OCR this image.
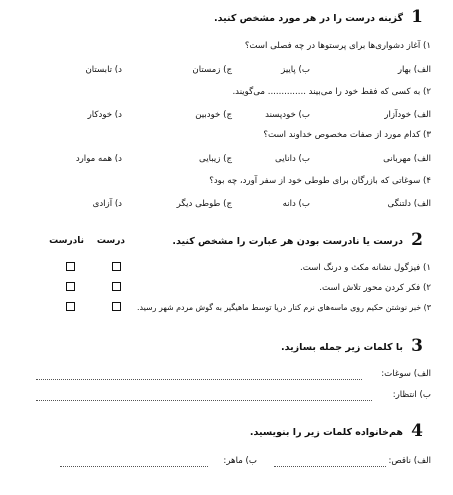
1
گزینه درست را در هر مورد مشخص کنید.
۱) آغاز دشواری‌ها برای پرستوها در چه فصلی است؟
الف) بهار
ب) پاییز
ج) زمستان
د) تابستان
۲) به کسی که فقط خود را می‌بیند .............. می‌گویند.
الف) خودآزار
ب) خودپسند
ج) خودبین
د) خودکار
۳) کدام مورد از صفات مخصوص خداوند است؟
الف) مهربانی
ب) دانایی
ج) زیبایی
د) همه موارد
۴) سوغاتی که بازرگان برای طوطی خود از سفر آورد، چه بود؟
الف) دلتنگی
ب) دانه
ج) طوطی دیگر
د) آزادی
2
درست یا نادرست بودن هر عبارت را مشخص کنید.
درست
نادرست
۱) فیزگول نشانه مکث و درنگ است.
۲) فکر کردن محور تلاش است.
۳) خبر نوشتن حکیم روی ماسه‌های نرم کنار دریا توسط ماهیگیر به گوش مردم شهر رسید.
3
با کلمات زیر جمله بسازید.
الف) سوغات:
ب) انتظار:
4
هم‌خانواده کلمات زیر را بنویسید.
الف) ناقص:
ب) ماهر:
